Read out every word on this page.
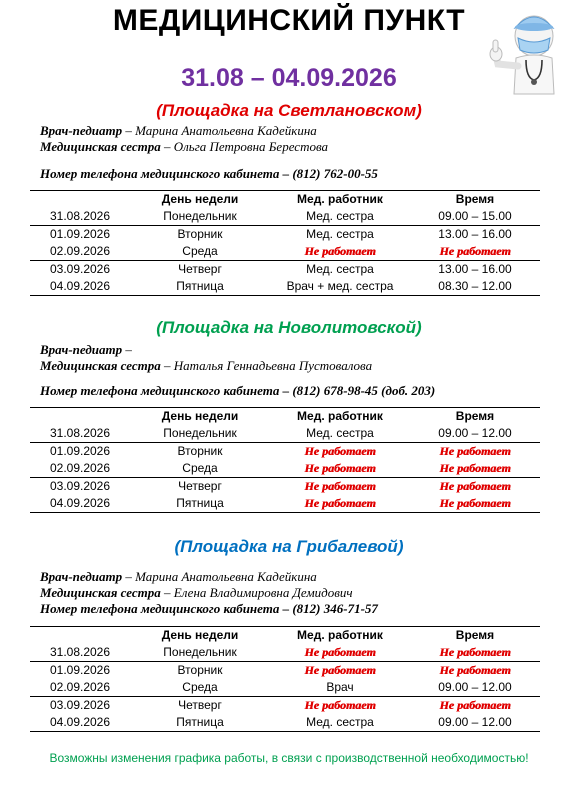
МЕДИЦИНСКИЙ ПУНКТ
31.08 – 04.09.2026
(Площадка на Светлановском)
Врач-педиатр – Марина Анатольевна Кадейкина
Медицинская сестра – Ольга Петровна Берестова
Номер телефона медицинского кабинета – (812) 762-00-55
	День недели	Мед. работник	Время
31.08.2026	Понедельник	Мед. сестра	09.00 – 15.00
01.09.2026	Вторник	Мед. сестра	13.00 – 16.00
02.09.2026	Среда	Не работает	Не работает
03.09.2026	Четверг	Мед. сестра	13.00 – 16.00
04.09.2026	Пятница	Врач + мед. сестра	08.30 – 12.00
(Площадка на Новолитовской)
Врач-педиатр –
Медицинская сестра – Наталья Геннадьевна Пустовалова
Номер телефона медицинского кабинета – (812) 678-98-45 (доб. 203)
	День недели	Мед. работник	Время
31.08.2026	Понедельник	Мед. сестра	09.00 – 12.00
01.09.2026	Вторник	Не работает	Не работает
02.09.2026	Среда	Не работает	Не работает
03.09.2026	Четверг	Не работает	Не работает
04.09.2026	Пятница	Не работает	Не работает
(Площадка на Грибалевой)
Врач-педиатр – Марина Анатольевна Кадейкина
Медицинская сестра – Елена Владимировна Демидович
Номер телефона медицинского кабинета – (812) 346-71-57
	День недели	Мед. работник	Время
31.08.2026	Понедельник	Не работает	Не работает
01.09.2026	Вторник	Не работает	Не работает
02.09.2026	Среда	Врач	09.00 – 12.00
03.09.2026	Четверг	Не работает	Не работает
04.09.2026	Пятница	Мед. сестра	09.00 – 12.00
Возможны изменения графика работы, в связи с производственной необходимостью!
